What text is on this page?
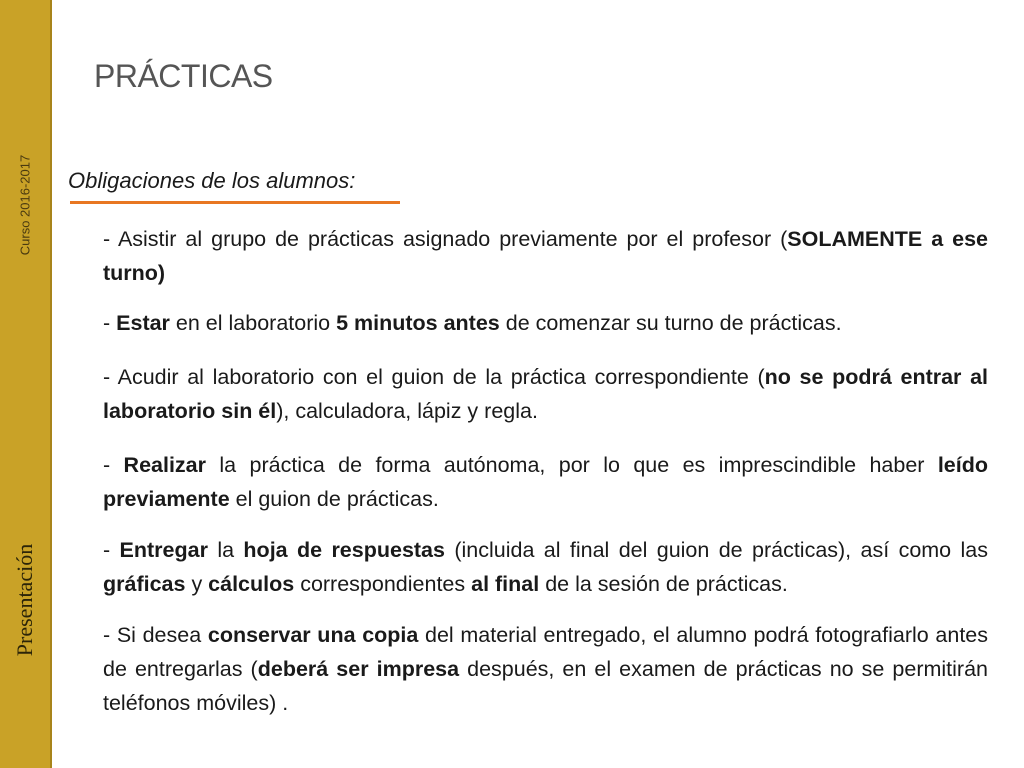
Curso 2016-2017
Presentación
PRÁCTICAS
Obligaciones de los alumnos:

- Asistir al grupo de prácticas asignado previamente por el profesor (SOLAMENTE a ese turno)

- Estar en el laboratorio 5 minutos antes de comenzar su turno de prácticas.

- Acudir al laboratorio con el guion de la práctica correspondiente (no se podrá entrar al laboratorio sin él), calculadora, lápiz y regla.

- Realizar la práctica de forma autónoma, por lo que es imprescindible haber leído previamente el guion de prácticas.

- Entregar la hoja de respuestas (incluida al final del guion de prácticas), así como las gráficas y cálculos correspondientes al final de la sesión de prácticas.

- Si desea conservar una copia del material entregado, el alumno podrá fotografiarlo antes de entregarlas (deberá ser impresa después, en el examen de prácticas no se permitirán teléfonos móviles) .
